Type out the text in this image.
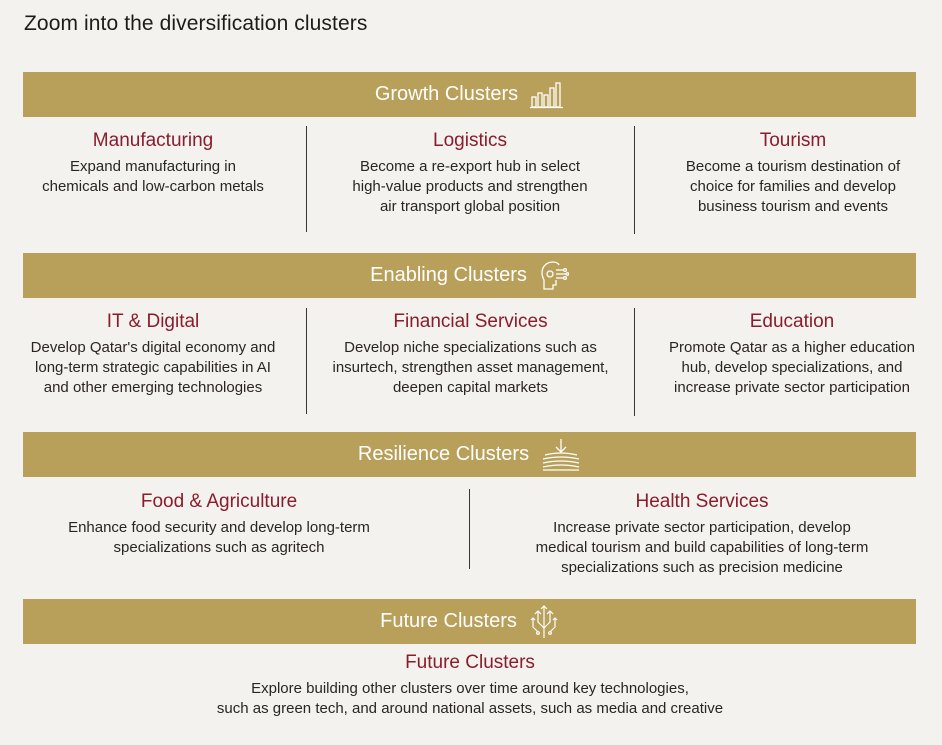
Zoom into the diversification clusters
Growth Clusters
Manufacturing
Expand manufacturing in
chemicals and low-carbon metals
Logistics
Become a re-export hub in select
high-value products and strengthen
air transport global position
Tourism
Become a tourism destination of
choice for families and develop
business tourism and events
Enabling Clusters
IT & Digital
Develop Qatar's digital economy and
long-term strategic capabilities in AI
and other emerging technologies
Financial Services
Develop niche specializations such as
insurtech, strengthen asset management,
deepen capital markets
Education
Promote Qatar as a higher education
hub, develop specializations, and
increase private sector participation
Resilience Clusters
Food & Agriculture
Enhance food security and develop long-term
specializations such as agritech
Health Services
Increase private sector participation, develop
medical tourism and build capabilities of long-term
specializations such as precision medicine
Future Clusters
Future Clusters
Explore building other clusters over time around key technologies,
such as green tech, and around national assets, such as media and creative
